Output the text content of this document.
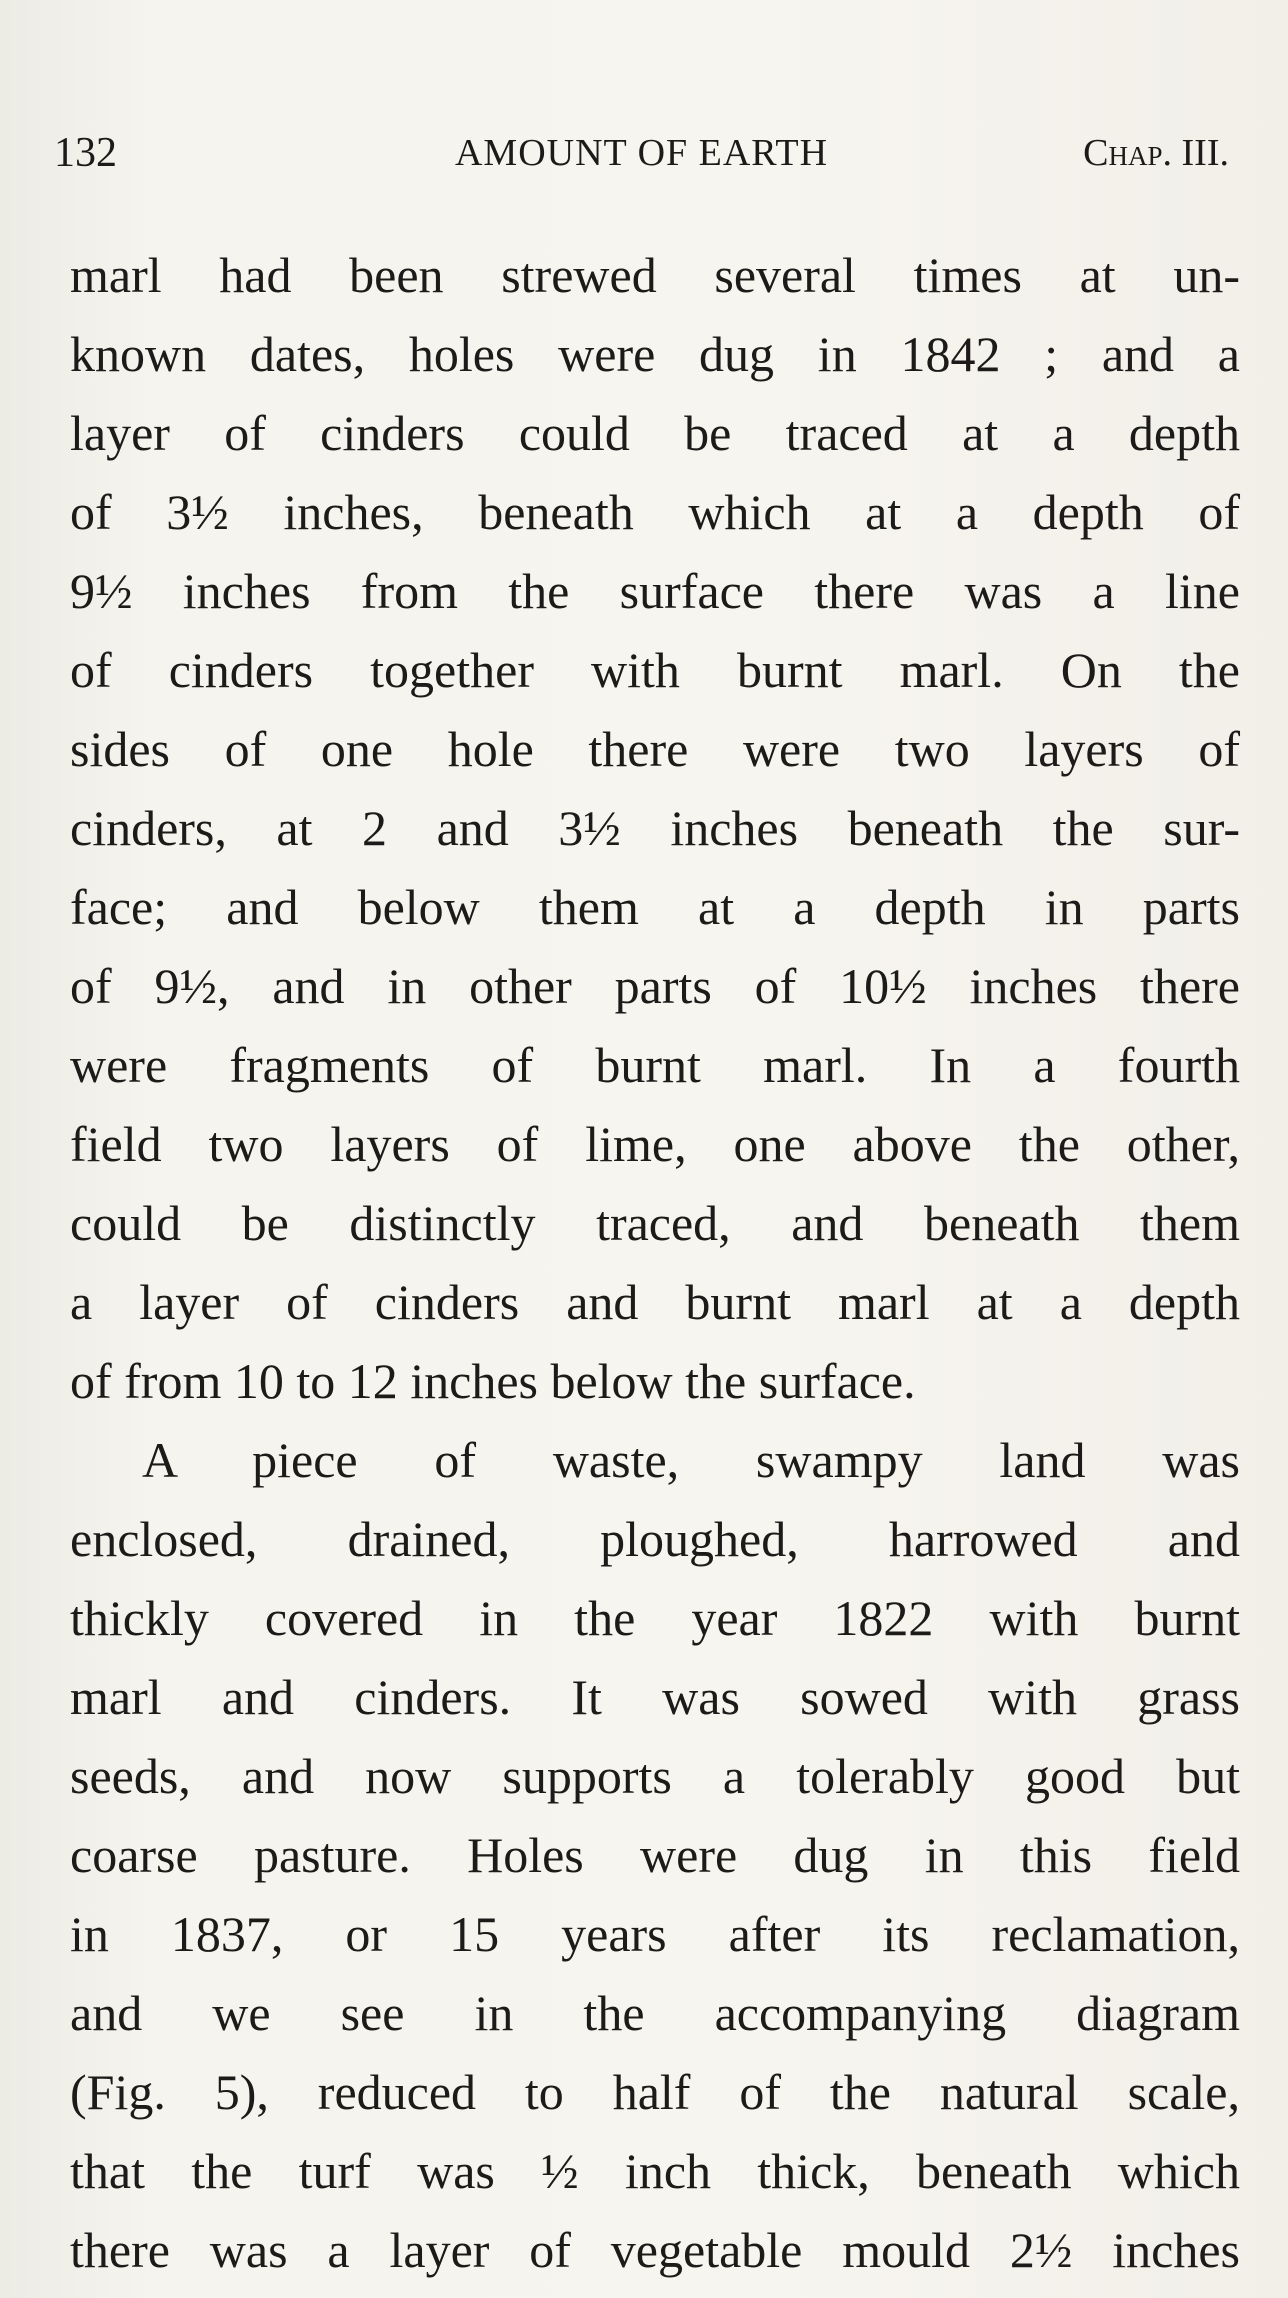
132	AMOUNT OF EARTH	Chap. III.
marl had been strewed several times at un-
known dates, holes were dug in 1842 ; and a
layer of cinders could be traced at a depth
of 3½ inches, beneath which at a depth of
9½ inches from the surface there was a line
of cinders together with burnt marl. On the
sides of one hole there were two layers of
cinders, at 2 and 3½ inches beneath the sur-
face; and below them at a depth in parts
of 9½, and in other parts of 10½ inches there
were fragments of burnt marl. In a fourth
field two layers of lime, one above the other,
could be distinctly traced, and beneath them
a layer of cinders and burnt marl at a depth
of from 10 to 12 inches below the surface.
A piece of waste, swampy land was
enclosed, drained, ploughed, harrowed and
thickly covered in the year 1822 with burnt
marl and cinders. It was sowed with grass
seeds, and now supports a tolerably good but
coarse pasture. Holes were dug in this field
in 1837, or 15 years after its reclamation,
and we see in the accompanying diagram
(Fig. 5), reduced to half of the natural scale,
that the turf was ½ inch thick, beneath which
there was a layer of vegetable mould 2½ inches
